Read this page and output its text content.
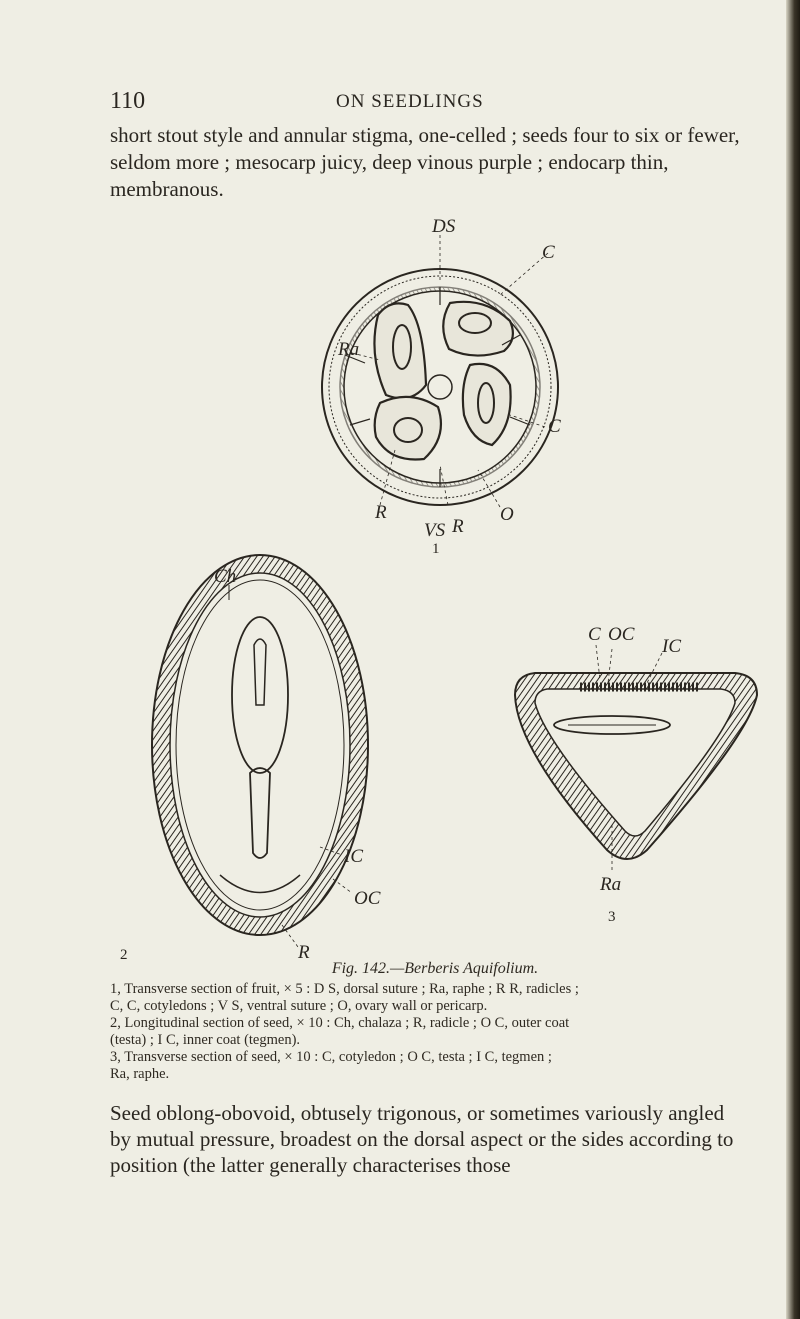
110	ON SEEDLINGS

short stout style and annular stigma, one-celled ; seeds four to six or fewer, seldom more ; mesocarp juicy, deep vinous purple ; endocarp thin, membranous.

DS
C
Ra
C
R
R
O
VS
1
Ch
IC
OC
R
2
C OC
IC
Ra
3

Fig. 142.—Berberis Aquifolium.

1, Transverse section of fruit, × 5 : D S, dorsal suture ; Ra, raphe ; R R, radicles ;

C, C, cotyledons ; V S, ventral suture ; O, ovary wall or pericarp.

2, Longitudinal section of seed, × 10 : Ch, chalaza ; R, radicle ; O C, outer coat

(testa) ; I C, inner coat (tegmen).

3, Transverse section of seed, × 10 : C, cotyledon ; O C, testa ; I C, tegmen ;

Ra, raphe.

Seed oblong-obovoid, obtusely trigonous, or sometimes variously angled by mutual pressure, broadest on the dorsal aspect or the sides according to position (the latter generally characterises those
